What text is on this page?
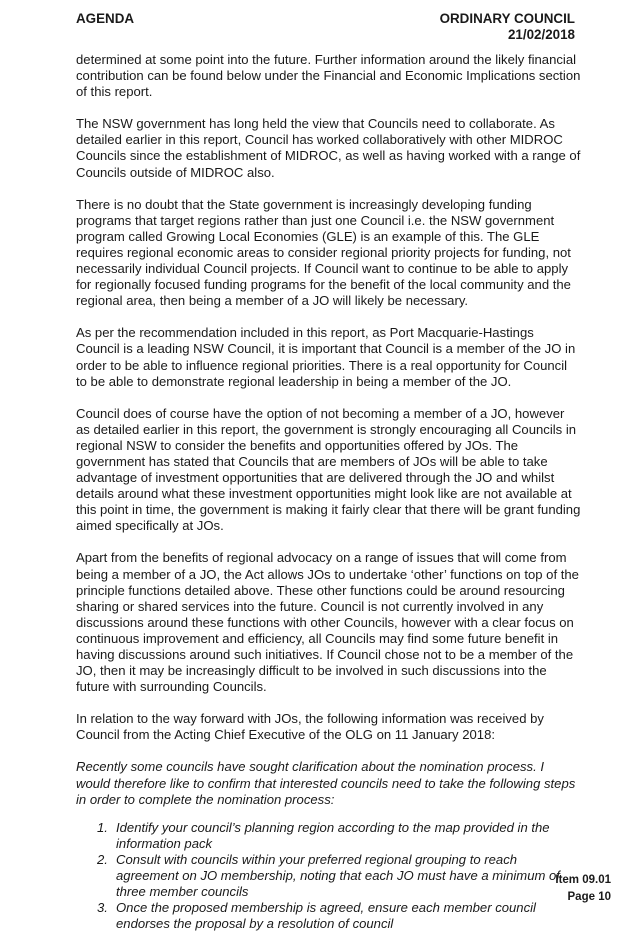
AGENDA	ORDINARY COUNCIL
21/02/2018

determined at some point into the future. Further information around the likely financial contribution can be found below under the Financial and Economic Implications section of this report.

The NSW government has long held the view that Councils need to collaborate. As detailed earlier in this report, Council has worked collaboratively with other MIDROC Councils since the establishment of MIDROC, as well as having worked with a range of Councils outside of MIDROC also.

There is no doubt that the State government is increasingly developing funding programs that target regions rather than just one Council i.e. the NSW government program called Growing Local Economies (GLE) is an example of this. The GLE requires regional economic areas to consider regional priority projects for funding, not necessarily individual Council projects. If Council want to continue to be able to apply for regionally focused funding programs for the benefit of the local community and the regional area, then being a member of a JO will likely be necessary.

As per the recommendation included in this report, as Port Macquarie-Hastings Council is a leading NSW Council, it is important that Council is a member of the JO in order to be able to influence regional priorities. There is a real opportunity for Council to be able to demonstrate regional leadership in being a member of the JO.

Council does of course have the option of not becoming a member of a JO, however as detailed earlier in this report, the government is strongly encouraging all Councils in regional NSW to consider the benefits and opportunities offered by JOs. The government has stated that Councils that are members of JOs will be able to take advantage of investment opportunities that are delivered through the JO and whilst details around what these investment opportunities might look like are not available at this point in time, the government is making it fairly clear that there will be grant funding aimed specifically at JOs.

Apart from the benefits of regional advocacy on a range of issues that will come from being a member of a JO, the Act allows JOs to undertake ‘other’ functions on top of the principle functions detailed above. These other functions could be around resourcing sharing or shared services into the future. Council is not currently involved in any discussions around these functions with other Councils, however with a clear focus on continuous improvement and efficiency, all Councils may find some future benefit in having discussions around such initiatives. If Council chose not to be a member of the JO, then it may be increasingly difficult to be involved in such discussions into the future with surrounding Councils.

In relation to the way forward with JOs, the following information was received by Council from the Acting Chief Executive of the OLG on 11 January 2018:

Recently some councils have sought clarification about the nomination process. I would therefore like to confirm that interested councils need to take the following steps in order to complete the nomination process:

1. Identify your council’s planning region according to the map provided in the information pack
2. Consult with councils within your preferred regional grouping to reach agreement on JO membership, noting that each JO must have a minimum of three member councils
3. Once the proposed membership is agreed, ensure each member council endorses the proposal by a resolution of council
Item 09.01
Page 10
